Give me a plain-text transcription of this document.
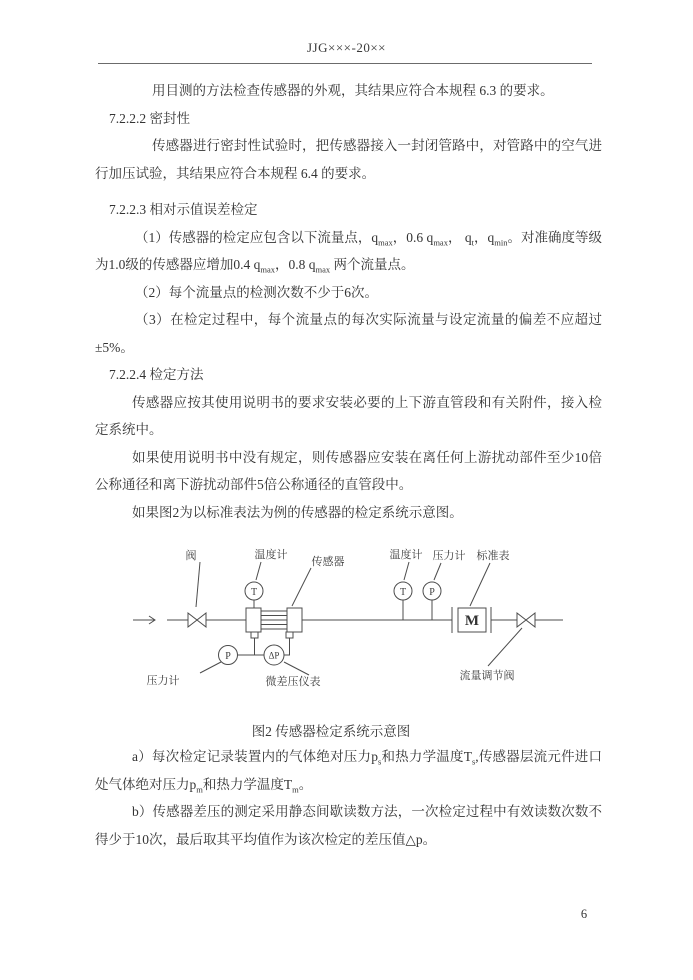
JJG×××-20××

用目测的方法检查传感器的外观，其结果应符合本规程 6.3 的要求。

7.2.2.2 密封性

传感器进行密封性试验时，把传感器接入一封闭管路中，对管路中的空气进行加压试验，其结果应符合本规程 6.4 的要求。

7.2.2.3 相对示值误差检定

（1）传感器的检定应包含以下流量点，$q_{max}$，0.6 $q_{max}$， $q_t$，$q_{min}$。对准确度等级为1.0级的传感器应增加0.4 $q_{max}$，0.8 $q_{max}$ 两个流量点。

（2）每个流量点的检测次数不少于6次。

（3）在检定过程中，每个流量点的每次实际流量与设定流量的偏差不应超过±5%。

7.2.2.4 检定方法

传感器应按其使用说明书的要求安装必要的上下游直管段和有关附件，接入检定系统中。

如果使用说明书中没有规定，则传感器应安装在离任何上游扰动部件至少10倍公称通径和离下游扰动部件5倍公称通径的直管段中。

如果图2为以标准表法为例的传感器的检定系统示意图。

T
P	ΔP
T P
M
阀	温度计
传感器
温度计 压力计 标准表
压力计	微差压仪表	流量调节阀
图2 传感器检定系统示意图

a）每次检定记录装置内的气体绝对压力$p_s$和热力学温度$T_s$,传感器层流元件进口处气体绝对压力$p_m$和热力学温度$T_m$。

b）传感器差压的测定采用静态间歇读数方法，一次检定过程中有效读数次数不得少于10次，最后取其平均值作为该次检定的差压值△p。

6
